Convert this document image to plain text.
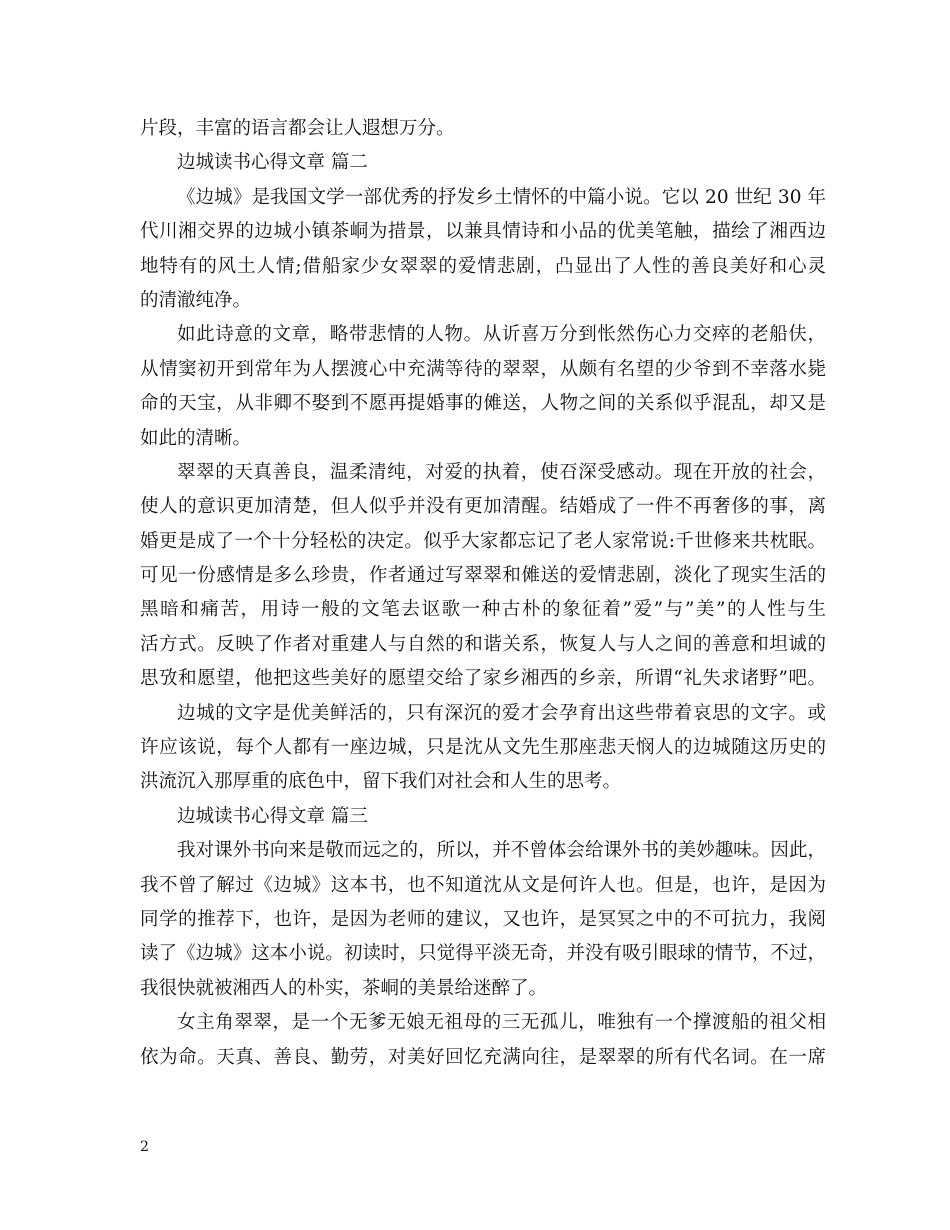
片段，丰富的语言都会让人遐想万分。

边城读书心得文章 篇二

《边城》是我国文学一部优秀的抒发乡土情怀的中篇小说。它以 20 世纪 30 年

代川湘交界的边城小镇茶峒为措景，以兼具情诗和小品的优美笔触，描绘了湘西边

地特有的风土人情;借船家少女翠翠的爱情悲剧，凸显出了人性的善良美好和心灵

的清澈纯净。

如此诗意的文章，略带悲情的人物。从䜣喜万分到怅然伤心力交瘁的老船伕，

从情窦初开到常年为人摆渡心中充满等待的翠翠，从颇有名望的少爷到不幸落水毙

命的天宝，从非卿不娶到不愿再提婚事的傩送，人物之间的关系似乎混乱，却又是

如此的清晰。

翠翠的天真善良，温柔清纯，对爱的执着，使䂖深受感动。现在开放的社会，

使人的意识更加清楚，但人似乎并没有更加清醒。结婚成了一件不再奢侈的事，离

婚更是成了一个十分轻松的决定。似乎大家都忘记了老人家常说:千世修来共枕眠。

可见一份感情是多么珍贵，作者通过写翠翠和傩送的爱情悲剧，淡化了现实生活的

黑暗和痛苦，用诗一般的文笔去讴歌一种古朴的象征着”爱”与”美”的人性与生

活方式。反映了作者对重建人与自然的和谐关系，恢复人与人之间的善意和坦诚的

思攷和愿望，他把这些美好的愿望交给了家乡湘西的乡亲，所谓“礼失求诸野”吧。

边城的文字是优美鲜活的，只有深沉的爱才会孕育出这些带着哀思的文字。或

许应该说，每个人都有一座边城，只是沈从文先生那座悲天悯人的边城随这历史的

洪流沉入那厚重的底色中，留下我们对社会和人生的思考。

边城读书心得文章 篇三

我对课外书向来是敬而远之的，所以，并不曾体会给课外书的美妙趣味。因此，

我不曾了解过《边城》这本书，也不知道沈从文是何许人也。但是，也许，是因为

同学的推荐下，也许，是因为老师的建议，又也许，是冥冥之中的不可抗力，我阅

读了《边城》这本小说。初读时，只觉得平淡无奇，并没有吸引眼球的情节，不过，

我很快就被湘西人的朴实，茶峒的美景给迷醉了。

女主角翠翠，是一个无爹无娘无祖母的三无孤儿，唯独有一个撑渡船的祖父相

依为命。天真、善良、勤劳，对美好回忆充满向往，是翠翠的所有代名词。在一席

2
